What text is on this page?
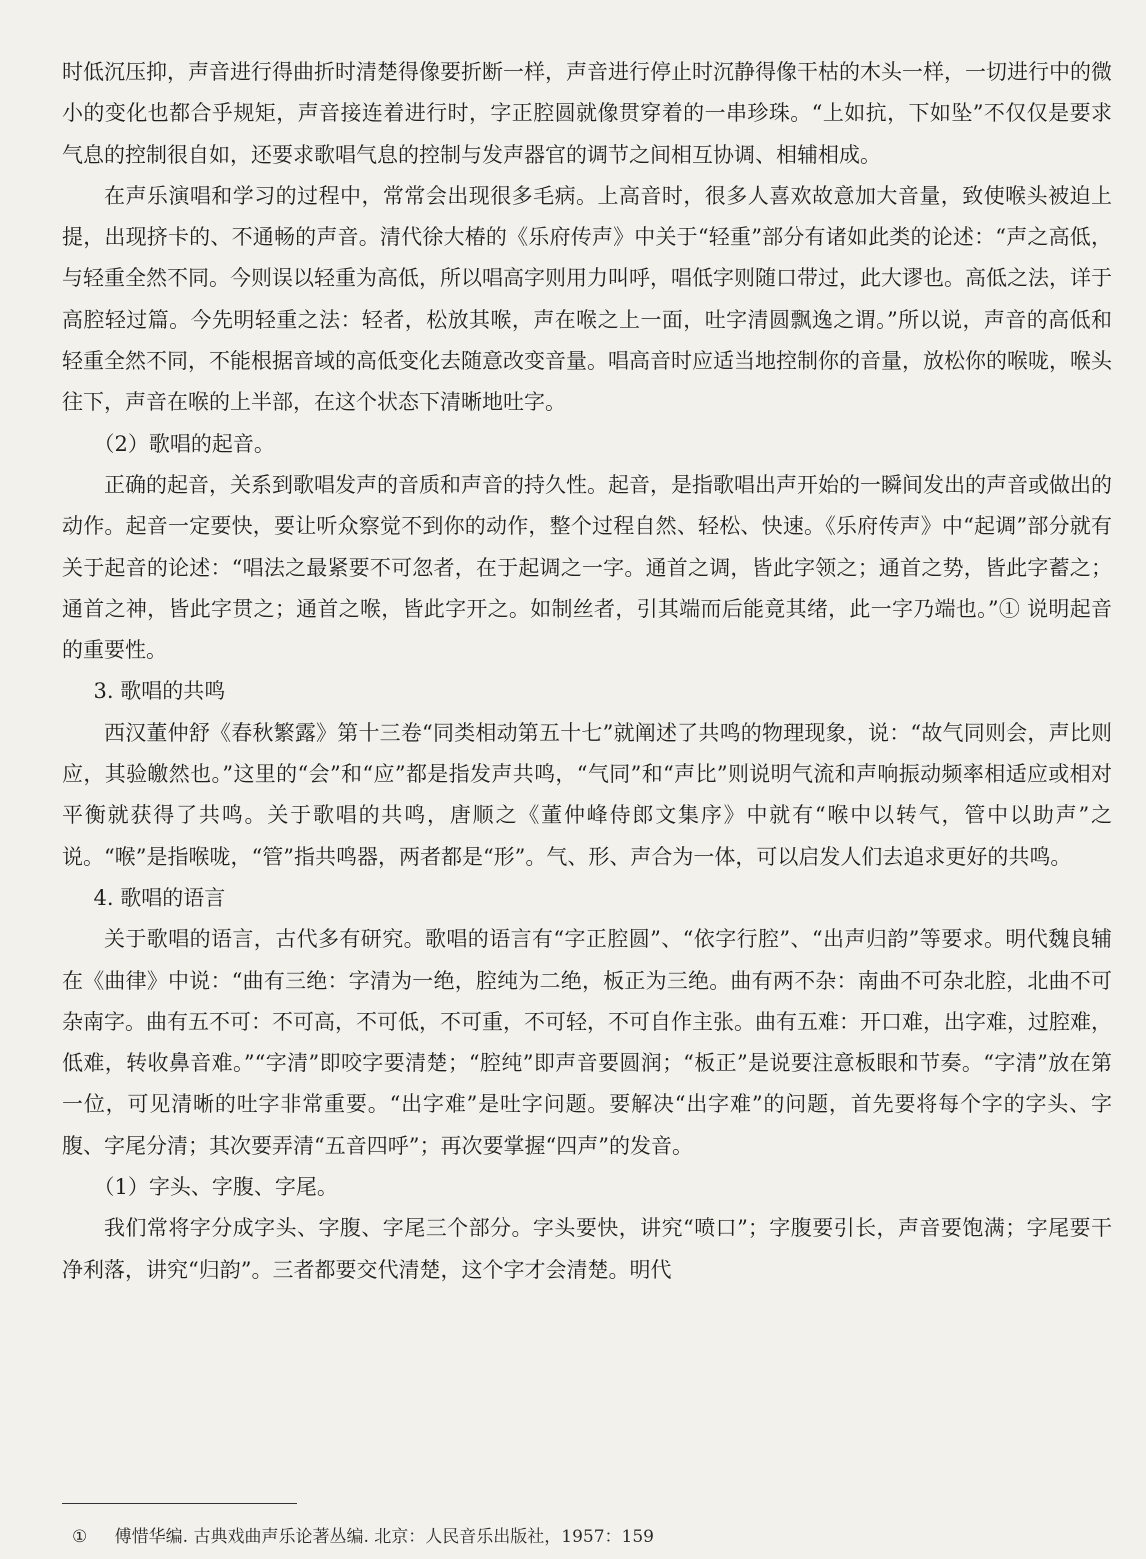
时低沉压抑，声音进行得曲折时清楚得像要折断一样，声音进行停止时沉静得像干枯的木头一样，一切进行中的微小的变化也都合乎规矩，声音接连着进行时，字正腔圆就像贯穿着的一串珍珠。“上如抗，下如坠”不仅仅是要求气息的控制很自如，还要求歌唱气息的控制与发声器官的调节之间相互协调、相辅相成。

在声乐演唱和学习的过程中，常常会出现很多毛病。上高音时，很多人喜欢故意加大音量，致使喉头被迫上提，出现挤卡的、不通畅的声音。清代徐大椿的《乐府传声》中关于“轻重”部分有诸如此类的论述：“声之高低，与轻重全然不同。今则误以轻重为高低，所以唱高字则用力叫呼，唱低字则随口带过，此大谬也。高低之法，详于高腔轻过篇。今先明轻重之法：轻者，松放其喉，声在喉之上一面，吐字清圆飘逸之谓。”所以说，声音的高低和轻重全然不同，不能根据音域的高低变化去随意改变音量。唱高音时应适当地控制你的音量，放松你的喉咙，喉头往下，声音在喉的上半部，在这个状态下清晰地吐字。

（2）歌唱的起音。

正确的起音，关系到歌唱发声的音质和声音的持久性。起音，是指歌唱出声开始的一瞬间发出的声音或做出的动作。起音一定要快，要让听众察觉不到你的动作，整个过程自然、轻松、快速。《乐府传声》中“起调”部分就有关于起音的论述：“唱法之最紧要不可忽者，在于起调之一字。通首之调，皆此字领之；通首之势，皆此字蓄之；通首之神，皆此字贯之；通首之喉，皆此字开之。如制丝者，引其端而后能竟其绪，此一字乃端也。”① 说明起音的重要性。

3. 歌唱的共鸣

西汉董仲舒《春秋繁露》第十三卷“同类相动第五十七”就阐述了共鸣的物理现象，说：“故气同则会，声比则应，其验皦然也。”这里的“会”和“应”都是指发声共鸣，“气同”和“声比”则说明气流和声响振动频率相适应或相对平衡就获得了共鸣。关于歌唱的共鸣，唐顺之《董仲峰侍郎文集序》中就有“喉中以转气，管中以助声”之说。“喉”是指喉咙，“管”指共鸣器，两者都是“形”。气、形、声合为一体，可以启发人们去追求更好的共鸣。

4. 歌唱的语言

关于歌唱的语言，古代多有研究。歌唱的语言有“字正腔圆”、“依字行腔”、“出声归韵”等要求。明代魏良辅在《曲律》中说：“曲有三绝：字清为一绝，腔纯为二绝，板正为三绝。曲有两不杂：南曲不可杂北腔，北曲不可杂南字。曲有五不可：不可高，不可低，不可重，不可轻，不可自作主张。曲有五难：开口难，出字难，过腔难，低难，转收鼻音难。”“字清”即咬字要清楚；“腔纯”即声音要圆润；“板正”是说要注意板眼和节奏。“字清”放在第一位，可见清晰的吐字非常重要。“出字难”是吐字问题。要解决“出字难”的问题，首先要将每个字的字头、字腹、字尾分清；其次要弄清“五音四呼”；再次要掌握“四声”的发音。

（1）字头、字腹、字尾。

我们常将字分成字头、字腹、字尾三个部分。字头要快，讲究“喷口”；字腹要引长，声音要饱满；字尾要干净利落，讲究“归韵”。三者都要交代清楚，这个字才会清楚。明代

① 傅惜华编. 古典戏曲声乐论著丛编. 北京：人民音乐出版社，1957：159
